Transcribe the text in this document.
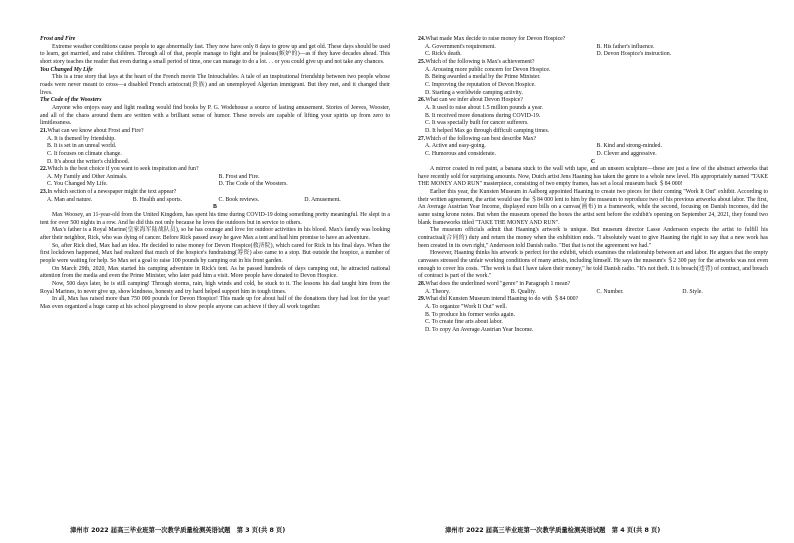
Frost and Fire

Extreme weather conditions cause people to age abnormally fast. They now have only 8 days to grow up and get old. These days should be used to learn, get married, and raise children. Through all of that, people manage to fight and be jealous(嫉妒的)—as if they have decades ahead. This short story teaches the reader that even during a small period of time, one can manage to do a lot. . . or you could give up and not take any chances.

You Changed My Life

This is a true story that lays at the heart of the French movie The Intouchables. A tale of an inspirational friendship between two people whose roads were never meant to cross—a disabled French aristocrat(贵族) and an unemployed Algerian immigrant. But they met, and it changed their lives.

The Code of the Woosters

Anyone who enjoys easy and light reading would find books by P. G. Wodehouse a source of lasting amusement. Stories of Jeeves, Wooster, and all of the chaos around them are written with a brilliant sense of humor. These novels are capable of lifting your spirits up from zero to limitlessness.

21.What can we know about Frost and Fire?

A. It is themed by friendship.

B. It is set in an unreal world.

C. It focuses on climate change.

D. It's about the writer's childhood.

22.Which is the best choice if you want to seek inspiration and fun?

A. My Family and Other Animals.	B. Frost and Fire.
C. You Changed My Life.	D. The Code of the Woosters.

23.In which section of a newspaper might the text appear?

A. Man and nature.	B. Health and sports.	C. Book reviews.	D. Amusement.

B

Max Woosey, an 11-year-old from the United Kingdom, has spent his time during COVID-19 doing something pretty meaningful. He slept in a tent for over 500 nights in a row. And he did this not only because he loves the outdoors but in service to others.

Max's father is a Royal Marine(皇家海军陆战队员), so he has courage and love for outdoor activities in his blood. Max's family was looking after their neighbor, Rick, who was dying of cancer. Before Rick passed away he gave Max a tent and had him promise to have an adventure.

So, after Rick died, Max had an idea. He decided to raise money for Devon Hospice(救济院), which cared for Rick in his final days. When the first lockdown happened, Max had realized that much of the hospice's fundraising(筹资) also came to a stop. But outside the hospice, a number of people were waiting for help. So Max set a goal to raise 100 pounds by camping out in his front garden.

On March 29th, 2020, Max started his camping adventure in Rick's tent. As he passed hundreds of days camping out, he attracted national attention from the media and even the Prime Minister, who later paid him a visit. More people have donated to Devon Hospice.

Now, 500 days later, he is still camping! Through storms, rain, high winds and cold, he stuck to it. The lessons his dad taught him from the Royal Marines, to never give up, show kindness, honesty and try hard helped support him in tough times.

In all, Max has raised more than 750 000 pounds for Devon Hospice! This made up for about half of the donations they had lost for the year! Max even organized a huge camp at his school playground to show people anyone can achieve if they all work together.

24.What made Max decide to raise money for Devon Hospice?

A. Government's requirement.	B. His father's influence.
C. Rick's death.	D. Devon Hospice's instruction.

25.Which of the following is Max's achievement?

A. Arousing more public concern for Devon Hospice.

B. Being awarded a medal by the Prime Minister.

C. Improving the reputation of Devon Hospice.

D. Starting a worldwide camping activity.

26.What can we infer about Devon Hospice?

A. It used to raise about 1.5 million pounds a year.

B. It received more donations during COVID-19.

C. It was specially built for cancer sufferers.

D. It helped Max go through difficult camping times.

27.Which of the following can best describe Max?

A. Active and easy-going.	B. Kind and strong-minded.
C. Humorous and considerate.	D. Clever and aggressive.

C

A mirror coated in red paint, a banana stuck to the wall with tape, and an unseen sculpture—these are just a few of the abstract artworks that have recently sold for surprising amounts. Now, Dutch artist Jens Haaning has taken the genre to a whole new level. His appropriately named "TAKE THE MONEY AND RUN" masterpiece, consisting of two empty frames, has set a local museum back ＄84 000!

Earlier this year, the Kunsten Museum in Aalborg appointed Haaning to create two pieces for their coming "Work It Out" exhibit. According to their written agreement, the artist would use the ＄84 000 lent to him by the museum to reproduce two of his previous artworks about labor. The first, An Average Austrian Year Income, displayed euro bills on a canvas(画布) in a framework, while the second, focusing on Danish incomes, did the same using krone notes. But when the museum opened the boxes the artist sent before the exhibit's opening on September 24, 2021, they found two blank frameworks titled "TAKE THE MONEY AND RUN".

The museum officials admit that Haaning's artwork is unique. But museum director Lasse Andersson expects the artist to fulfill his contractual(合同的) duty and return the money when the exhibition ends. "I absolutely want to give Haaning the right to say that a new work has been created in its own right," Andersson told Danish radio. "But that is not the agreement we had."

However, Haaning thinks his artwork is perfect for the exhibit, which examines the relationship between art and labor. He argues that the empty canvases stressed the unfair working conditions of many artists, including himself. He says the museum's ＄2 300 pay for the artworks was not even enough to cover his costs. "The work is that I have taken their money," he told Danish radio. "It's not theft. It is breach(违背) of contract, and breach of contract is part of the work."

28.What does the underlined word "genre" in Paragraph 1 mean?

A. Theory.	B. Quality.	C. Number.	D. Style.

29.What did Kunsten Museum intend Haaning to do with ＄84 000?

A. To organize "Work It Out" well.

B. To produce his former works again.

C. To create fine arts about labor.

D. To copy An Average Austrian Year Income.

漳州市 2022 届高三毕业班第一次教学质量检测英语试题　第 3 页(共 8 页)	漳州市 2022 届高三毕业班第一次教学质量检测英语试题　第 4 页(共 8 页)
